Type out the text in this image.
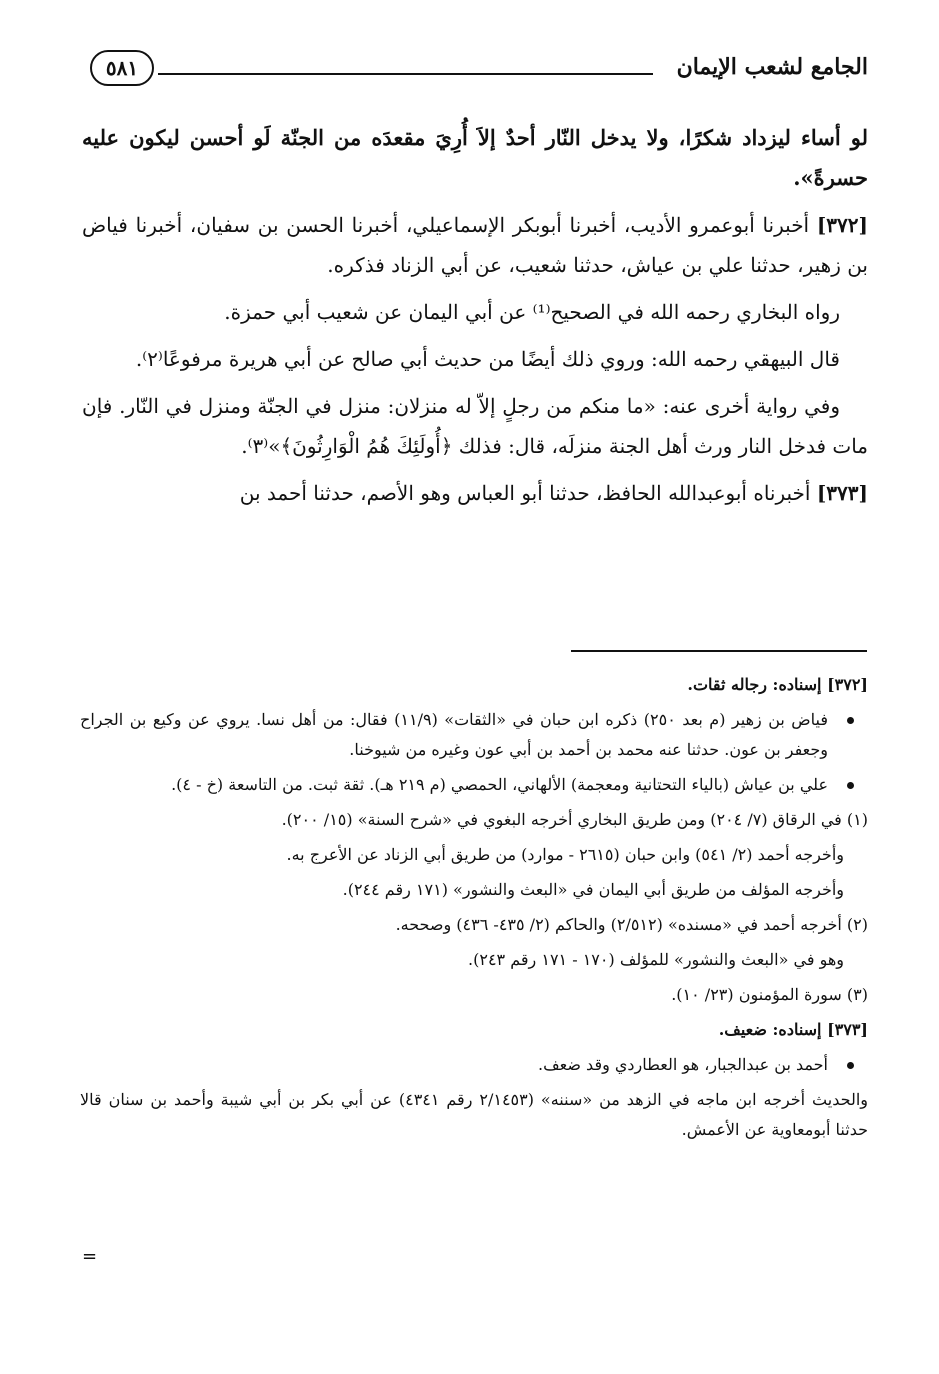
الجامع لشعب الإيمان
٥٨١

لو أساء ليزداد شكرًا، ولا يدخل النّار أحدٌ إلاَ أُرِيَ مقعدَه من الجنّة لَو أحسن ليكون عليه حسرةً».

[٣٧٢] أخبرنا أبوعمرو الأديب، أخبرنا أبوبكر الإسماعيلي، أخبرنا الحسن بن سفيان، أخبرنا فياض بن زهير، حدثنا علي بن عياش، حدثنا شعيب، عن أبي الزناد فذكره.

رواه البخاري رحمه الله في الصحيح⁽¹⁾ عن أبي اليمان عن شعيب أبي حمزة.

قال البيهقي رحمه الله: وروي ذلك أيضًا من حديث أبي صالح عن أبي هريرة مرفوعًا⁽٢⁾.

وفي رواية أخرى عنه: «ما منكم من رجلٍ إلاّ له منزلان: منزل في الجنّة ومنزل في النّار. فإن مات فدخل النار ورث أهل الجنة منزلَه، قال: فذلك ﴿أُولَئِكَ هُمُ الْوَارِثُونَ﴾»⁽٣⁾.

[٣٧٣] أخبرناه أبوعبدالله الحافظ، حدثنا أبو العباس وهو الأصم، حدثنا أحمد بن

[٣٧٢] إسناده: رجاله ثقات.

فياض بن زهير (م بعد ٢٥٠) ذكره ابن حبان في «الثقات» (١١/٩) فقال: من أهل نسا. يروي عن وكيع بن الجراح وجعفر بن عون. حدثنا عنه محمد بن أحمد بن أبي عون وغيره من شيوخنا.
علي بن عياش (بالياء التحتانية ومعجمة) الألهاني، الحمصي (م ٢١٩ هـ). ثقة ثبت. من التاسعة (خ - ٤).

(١) في الرقاق (٧/ ٢٠٤) ومن طريق البخاري أخرجه البغوي في «شرح السنة» (١٥/ ٢٠٠).

وأخرجه أحمد (٢/ ٥٤١) وابن حبان (٢٦١٥ - موارد) من طريق أبي الزناد عن الأعرج به.

وأخرجه المؤلف من طريق أبي اليمان في «البعث والنشور» (١٧١ رقم ٢٤٤).

(٢) أخرجه أحمد في «مسنده» (٢/٥١٢) والحاكم (٢/ ٤٣٥- ٤٣٦) وصححه.

وهو في «البعث والنشور» للمؤلف (١٧٠ - ١٧١ رقم ٢٤٣).

(٣) سورة المؤمنون (٢٣/ ١٠).

[٣٧٣] إسناده: ضعيف.

أحمد بن عبدالجبار، هو العطاردي وقد ضعف.

والحديث أخرجه ابن ماجه في الزهد من «سننه» (٢/١٤٥٣ رقم ٤٣٤١) عن أبي بكر بن أبي شيبة وأحمد بن سنان قالا حدثنا أبومعاوية عن الأعمش.

=
